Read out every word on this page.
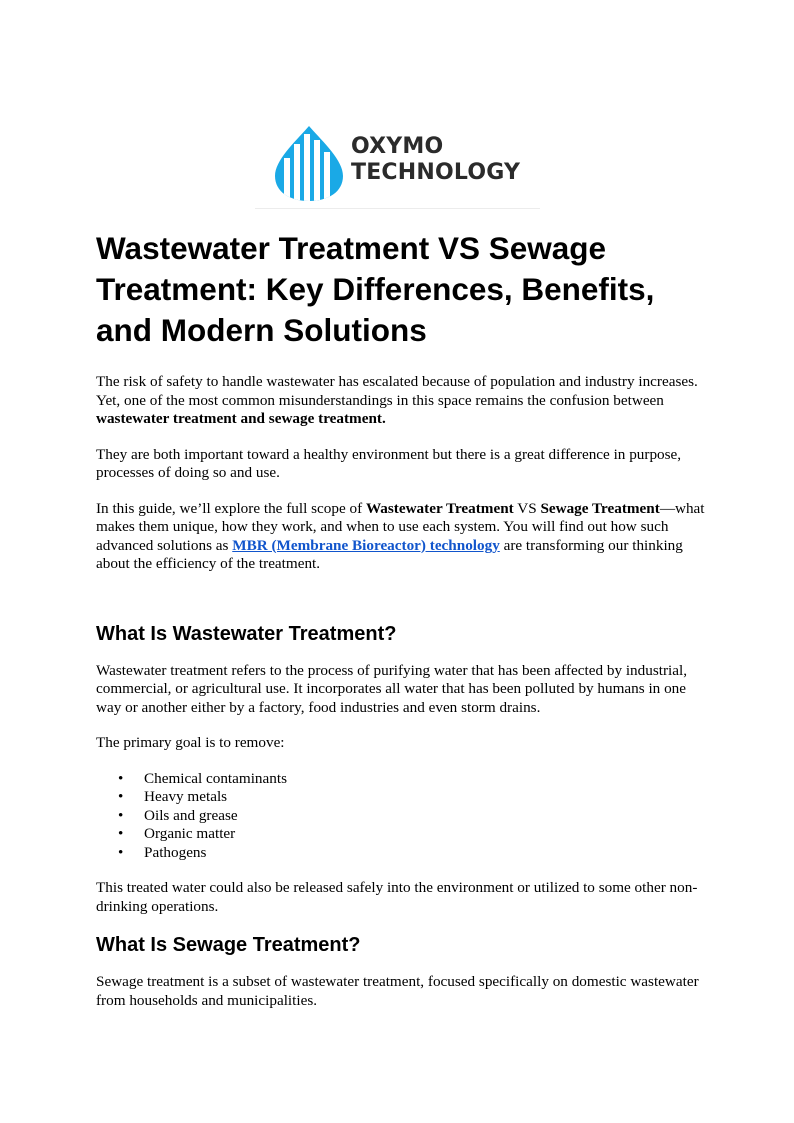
OXYMO
TECHNOLOGY
Wastewater Treatment VS Sewage Treatment: Key Differences, Benefits, and Modern Solutions

The risk of safety to handle wastewater has escalated because of population and industry increases. Yet, one of the most common misunderstandings in this space remains the confusion between wastewater treatment and sewage treatment.

They are both important toward a healthy environment but there is a great difference in purpose, processes of doing so and use.

In this guide, we’ll explore the full scope of Wastewater Treatment VS Sewage Treatment—what makes them unique, how they work, and when to use each system. You will find out how such advanced solutions as MBR (Membrane Bioreactor) technology are transforming our thinking about the efficiency of the treatment.

What Is Wastewater Treatment?

Wastewater treatment refers to the process of purifying water that has been affected by industrial, commercial, or agricultural use. It incorporates all water that has been polluted by humans in one way or another either by a factory, food industries and even storm drains.

The primary goal is to remove:

• Chemical contaminants
• Heavy metals
• Oils and grease
• Organic matter
• Pathogens

This treated water could also be released safely into the environment or utilized to some other non-drinking operations.

What Is Sewage Treatment?

Sewage treatment is a subset of wastewater treatment, focused specifically on domestic wastewater from households and municipalities.
